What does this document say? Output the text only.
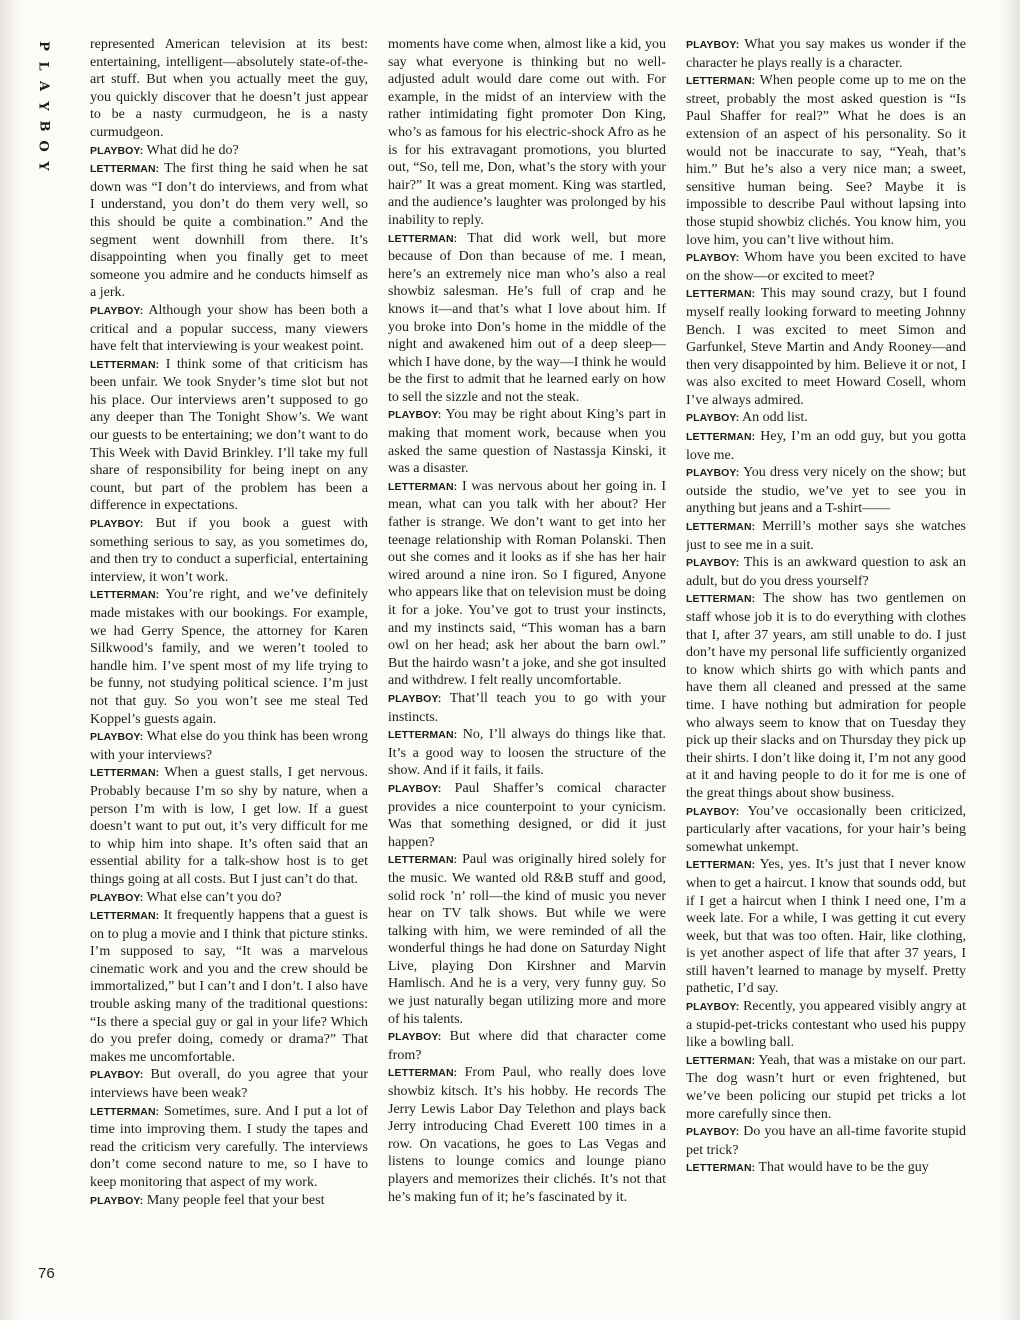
P
L
A
Y
B
O
Y
76

represented American television at its best: entertaining, intelligent—absolutely state-of-the-art stuff. But when you actually meet the guy, you quickly discover that he doesn’t just appear to be a nasty curmudgeon, he is a nasty curmudgeon.

PLAYBOY: What did he do?

LETTERMAN: The first thing he said when he sat down was “I don’t do interviews, and from what I understand, you don’t do them very well, so this should be quite a combination.” And the segment went downhill from there. It’s disappointing when you finally get to meet someone you admire and he conducts himself as a jerk.

PLAYBOY: Although your show has been both a critical and a popular success, many viewers have felt that interviewing is your weakest point.

LETTERMAN: I think some of that criticism has been unfair. We took Snyder’s time slot but not his place. Our interviews aren’t supposed to go any deeper than The Tonight Show’s. We want our guests to be entertaining; we don’t want to do This Week with David Brinkley. I’ll take my full share of responsibility for being inept on any count, but part of the problem has been a difference in expectations.

PLAYBOY: But if you book a guest with something serious to say, as you sometimes do, and then try to conduct a superficial, entertaining interview, it won’t work.

LETTERMAN: You’re right, and we’ve definitely made mistakes with our bookings. For example, we had Gerry Spence, the attorney for Karen Silkwood’s family, and we weren’t tooled to handle him. I’ve spent most of my life trying to be funny, not studying political science. I’m just not that guy. So you won’t see me steal Ted Koppel’s guests again.

PLAYBOY: What else do you think has been wrong with your interviews?

LETTERMAN: When a guest stalls, I get nervous. Probably because I’m so shy by nature, when a person I’m with is low, I get low. If a guest doesn’t want to put out, it’s very difficult for me to whip him into shape. It’s often said that an essential ability for a talk-show host is to get things going at all costs. But I just can’t do that.

PLAYBOY: What else can’t you do?

LETTERMAN: It frequently happens that a guest is on to plug a movie and I think that picture stinks. I’m supposed to say, “It was a marvelous cinematic work and you and the crew should be immortalized,” but I can’t and I don’t. I also have trouble asking many of the traditional questions: “Is there a special guy or gal in your life? Which do you prefer doing, comedy or drama?” That makes me uncomfortable.

PLAYBOY: But overall, do you agree that your interviews have been weak?

LETTERMAN: Sometimes, sure. And I put a lot of time into improving them. I study the tapes and read the criticism very carefully. The interviews don’t come second nature to me, so I have to keep monitoring that aspect of my work.

PLAYBOY: Many people feel that your best

moments have come when, almost like a kid, you say what everyone is thinking but no well-adjusted adult would dare come out with. For example, in the midst of an interview with the rather intimidating fight promoter Don King, who’s as famous for his electric-shock Afro as he is for his extravagant promotions, you blurted out, “So, tell me, Don, what’s the story with your hair?” It was a great moment. King was startled, and the audience’s laughter was prolonged by his inability to reply.

LETTERMAN: That did work well, but more because of Don than because of me. I mean, here’s an extremely nice man who’s also a real showbiz salesman. He’s full of crap and he knows it—and that’s what I love about him. If you broke into Don’s home in the middle of the night and awakened him out of a deep sleep—which I have done, by the way—I think he would be the first to admit that he learned early on how to sell the sizzle and not the steak.

PLAYBOY: You may be right about King’s part in making that moment work, because when you asked the same question of Nastassja Kinski, it was a disaster.

LETTERMAN: I was nervous about her going in. I mean, what can you talk with her about? Her father is strange. We don’t want to get into her teenage relationship with Roman Polanski. Then out she comes and it looks as if she has her hair wired around a nine iron. So I figured, Anyone who appears like that on television must be doing it for a joke. You’ve got to trust your instincts, and my instincts said, “This woman has a barn owl on her head; ask her about the barn owl.” But the hairdo wasn’t a joke, and she got insulted and withdrew. I felt really uncomfortable.

PLAYBOY: That’ll teach you to go with your instincts.

LETTERMAN: No, I’ll always do things like that. It’s a good way to loosen the structure of the show. And if it fails, it fails.

PLAYBOY: Paul Shaffer’s comical character provides a nice counterpoint to your cynicism. Was that something designed, or did it just happen?

LETTERMAN: Paul was originally hired solely for the music. We wanted old R&B stuff and good, solid rock ’n’ roll—the kind of music you never hear on TV talk shows. But while we were talking with him, we were reminded of all the wonderful things he had done on Saturday Night Live, playing Don Kirshner and Marvin Hamlisch. And he is a very, very funny guy. So we just naturally began utilizing more and more of his talents.

PLAYBOY: But where did that character come from?

LETTERMAN: From Paul, who really does love showbiz kitsch. It’s his hobby. He records The Jerry Lewis Labor Day Telethon and plays back Jerry introducing Chad Everett 100 times in a row. On vacations, he goes to Las Vegas and listens to lounge comics and lounge piano players and memorizes their clichés. It’s not that he’s making fun of it; he’s fascinated by it.

PLAYBOY: What you say makes us wonder if the character he plays really is a character.

LETTERMAN: When people come up to me on the street, probably the most asked question is “Is Paul Shaffer for real?” What he does is an extension of an aspect of his personality. So it would not be inaccurate to say, “Yeah, that’s him.” But he’s also a very nice man; a sweet, sensitive human being. See? Maybe it is impossible to describe Paul without lapsing into those stupid showbiz clichés. You know him, you love him, you can’t live without him.

PLAYBOY: Whom have you been excited to have on the show—or excited to meet?

LETTERMAN: This may sound crazy, but I found myself really looking forward to meeting Johnny Bench. I was excited to meet Simon and Garfunkel, Steve Martin and Andy Rooney—and then very disappointed by him. Believe it or not, I was also excited to meet Howard Cosell, whom I’ve always admired.

PLAYBOY: An odd list.

LETTERMAN: Hey, I’m an odd guy, but you gotta love me.

PLAYBOY: You dress very nicely on the show; but outside the studio, we’ve yet to see you in anything but jeans and a T-shirt——

LETTERMAN: Merrill’s mother says she watches just to see me in a suit.

PLAYBOY: This is an awkward question to ask an adult, but do you dress yourself?

LETTERMAN: The show has two gentlemen on staff whose job it is to do everything with clothes that I, after 37 years, am still unable to do. I just don’t have my personal life sufficiently organized to know which shirts go with which pants and have them all cleaned and pressed at the same time. I have nothing but admiration for people who always seem to know that on Tuesday they pick up their slacks and on Thursday they pick up their shirts. I don’t like doing it, I’m not any good at it and having people to do it for me is one of the great things about show business.

PLAYBOY: You’ve occasionally been criticized, particularly after vacations, for your hair’s being somewhat unkempt.

LETTERMAN: Yes, yes. It’s just that I never know when to get a haircut. I know that sounds odd, but if I get a haircut when I think I need one, I’m a week late. For a while, I was getting it cut every week, but that was too often. Hair, like clothing, is yet another aspect of life that after 37 years, I still haven’t learned to manage by myself. Pretty pathetic, I’d say.

PLAYBOY: Recently, you appeared visibly angry at a stupid-pet-tricks contestant who used his puppy like a bowling ball.

LETTERMAN: Yeah, that was a mistake on our part. The dog wasn’t hurt or even frightened, but we’ve been policing our stupid pet tricks a lot more carefully since then.

PLAYBOY: Do you have an all-time favorite stupid pet trick?

LETTERMAN: That would have to be the guy
